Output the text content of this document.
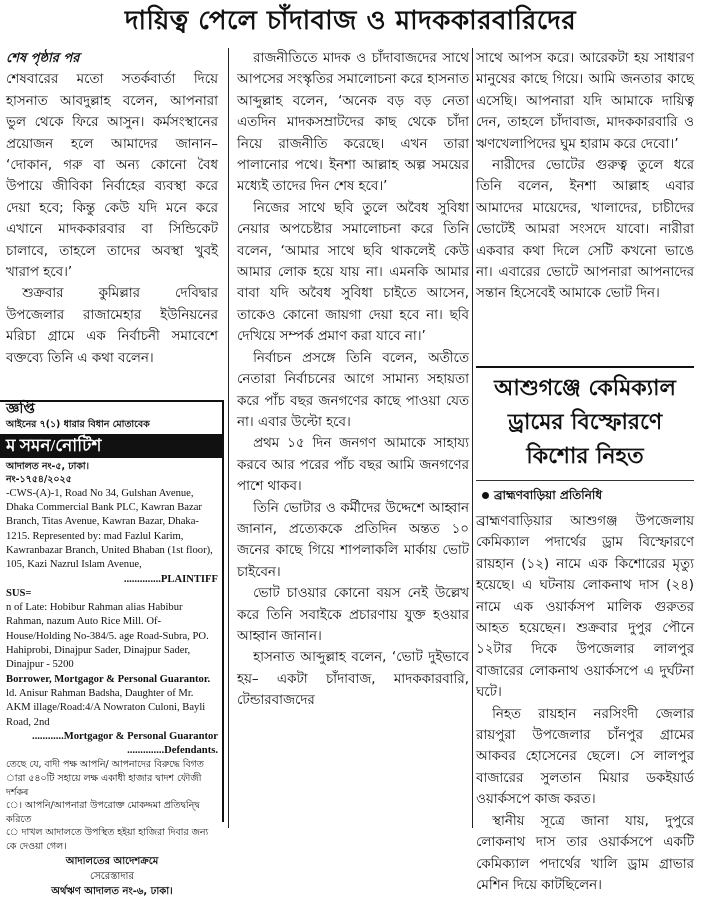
দায়িত্ব পেলে চাঁদাবাজ ও মাদককারবারিদের
শেষ পৃষ্ঠার পর

শেষবারের মতো সতর্কবার্তা দিয়ে হাসনাত আবদুল্লাহ বলেন, আপনারা ভুল থেকে ফিরে আসুন। কর্মসংস্থানের প্রয়োজন হলে আমাদের জানান– ‘দোকান, গরু বা অন্য কোনো বৈধ উপায়ে জীবিকা নির্বাহের ব্যবস্থা করে দেয়া হবে; কিন্তু কেউ যদি মনে করে এখানে মাদককারবার বা সিন্ডিকেট চালাবে, তাহলে তাদের অবস্থা খুবই খারাপ হবে।’

শুক্রবার কুমিল্লার দেবিদ্বার উপজেলার রাজামেহার ইউনিয়নের মরিচা গ্রামে এক নির্বাচনী সমাবেশে বক্তব্যে তিনি এ কথা বলেন।

জ্ঞপ্তি
আইনের ৭(১) ধারার বিধান মোতাবেক
ম সমন/নোটিশ
আদালত নং-৫, ঢাকা।
নং-১৭৫৪/২০২৫
-CWS-(A)-1, Road No 34, Gulshan Avenue, Dhaka Commercial Bank PLC, Kawran Bazar Branch, Titas Avenue, Kawran Bazar, Dhaka-1215. Represented by: mad Fazlul Karim, Kawranbazar Branch, United Bhaban (1st floor), 105, Kazi Nazrul Islam Avenue,
..............PLAINTIFF
SUS=
n of Late: Hobibur Rahman alias Habibur Rahman, nazum Auto Rice Mill. Of-House/Holding No-384/5. age Road-Subra, PO. Hahiprobi, Dinajpur Sader, Dinajpur Sader, Dinajpur - 5200
Borrower, Mortgagor & Personal Guarantor.
ld. Anisur Rahman Badsha, Daughter of Mr. AKM illage/Road:4/A Nowraton Culoni, Bayli Road, 2nd
............Mortgagor & Personal Guarantor
..............Defendants.
তেছে যে, বাদী পক্ষ আপনি/ আপনাদের বিরুদ্ধে বিগত
ারা ৫৪০টি সহায়ে লক্ষ একাধী হাজার দ্বাদশ ফৌজী দর্শকৰ
ে। আপনি/আপনারা উপরোক্ত মোকদ্দমা প্রতিদ্বন্দ্বি করিতে
ে দাখল আদালতে উপস্থিত হইয়া হাজিরা দিবার জন্য
কে দেওয়া গেল।
আদালতের আদেশক্রমে
সেরেস্তাদার
অর্থঋণ আদালত নং-৬, ঢাকা।

রাজনীতিতে মাদক ও চাঁদাবাজদের সাথে আপসের সংস্কৃতির সমালোচনা করে হাসনাত আব্দুল্লাহ বলেন, ‘অনেক বড় বড় নেতা এতদিন মাদকসম্রাটদের কাছ থেকে চাঁদা নিয়ে রাজনীতি করেছে। এখন তারা পালানোর পথে। ইনশা আল্লাহ অল্প সময়ের মধ্যেই তাদের দিন শেষ হবে।’

নিজের সাথে ছবি তুলে অবৈধ সুবিধা নেয়ার অপচেষ্টার সমালোচনা করে তিনি বলেন, ‘আমার সাথে ছবি থাকলেই কেউ আমার লোক হয়ে যায় না। এমনকি আমার বাবা যদি অবৈধ সুবিধা চাইতে আসেন, তাকেও কোনো জায়গা দেয়া হবে না। ছবি দেখিয়ে সম্পর্ক প্রমাণ করা যাবে না।’

নির্বাচন প্রসঙ্গে তিনি বলেন, অতীতে নেতারা নির্বাচনের আগে সামান্য সহায়তা করে পাঁচ বছর জনগণের কাছে পাওয়া যেত না। এবার উল্টো হবে।

প্রথম ১৫ দিন জনগণ আমাকে সাহায্য করবে আর পরের পাঁচ বছর আমি জনগণের পাশে থাকব।

তিনি ভোটার ও কর্মীদের উদ্দেশে আহ্বান জানান, প্রত্যেককে প্রতিদিন অন্তত ১০ জনের কাছে গিয়ে শাপলাকলি মার্কায় ভোট চাইবেন।

ভোট চাওয়ার কোনো বয়স নেই উল্লেখ করে তিনি সবাইকে প্রচারণায় যুক্ত হওয়ার আহ্বান জানান।

হাসনাত আব্দুল্লাহ বলেন, ‘ভোট দুইভাবে হয়– একটা চাঁদাবাজ, মাদককারবারি, টেন্ডারবাজদের

সাথে আপস করে। আরেকটা হয় সাধারণ মানুষের কাছে গিয়ে। আমি জনতার কাছে এসেছি। আপনারা যদি আমাকে দায়িত্ব দেন, তাহলে চাঁদাবাজ, মাদককারবারি ও ঋণখেলাপিদের ঘুম হারাম করে দেবো।’

নারীদের ভোটের গুরুত্ব তুলে ধরে তিনি বলেন, ইনশা আল্লাহ এবার আমাদের মায়েদের, খালাদের, চাচীদের ভোটেই আমরা সংসদে যাবো। নারীরা একবার কথা দিলে সেটি কখনো ভাঙে না। এবারের ভোটে আপনারা আপনাদের সন্তান হিসেবেই আমাকে ভোট দিন।

আশুগঞ্জে কেমিক্যাল ড্রামের বিস্ফোরণে কিশোর নিহত
ব্রাহ্মণবাড়িয়া প্রতিনিধি

ব্রাহ্মণবাড়িয়ার আশুগঞ্জ উপজেলায় কেমিক্যাল পদার্থের ড্রাম বিস্ফোরণে রায়হান (১২) নামে এক কিশোরের মৃত্যু হয়েছে। এ ঘটনায় লোকনাথ দাস (২৪) নামে এক ওয়ার্কসপ মালিক গুরুতর আহত হয়েছেন। শুক্রবার দুপুর পৌনে ১২টার দিকে উপজেলার লালপুর বাজারের লোকনাথ ওয়ার্কসপে এ দুর্ঘটনা ঘটে।

নিহত রায়হান নরসিংদী জেলার রায়পুরা উপজেলার চাঁনপুর গ্রামের আকবর হোসেনের ছেলে। সে লালপুর বাজারের সুলতান মিয়ার ডকইয়ার্ড ওয়ার্কসপে কাজ করত।

স্থানীয় সূত্রে জানা যায়, দুপুরে লোকনাথ দাস তার ওয়ার্কসপে একটি কেমিক্যাল পদার্থের খালি ড্রাম গ্রাভার মেশিন দিয়ে কাটছিলেন।
